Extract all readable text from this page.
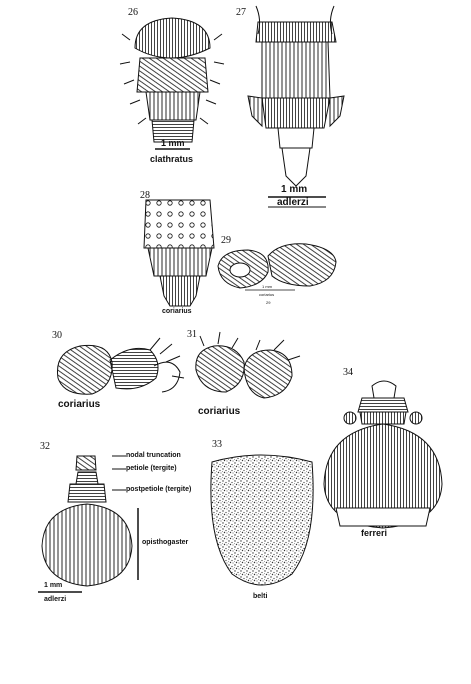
26
1 mm
clathratus
27
1 mm
adlerzi
28
coriarius
29
1 mm
coriarius
29
30
coriarius
31
coriarius
34
ferreri
32
nodal truncation
petiole (tergite)
postpetiole (tergite)
opisthogaster
1 mm
adlerzi
33
belti
